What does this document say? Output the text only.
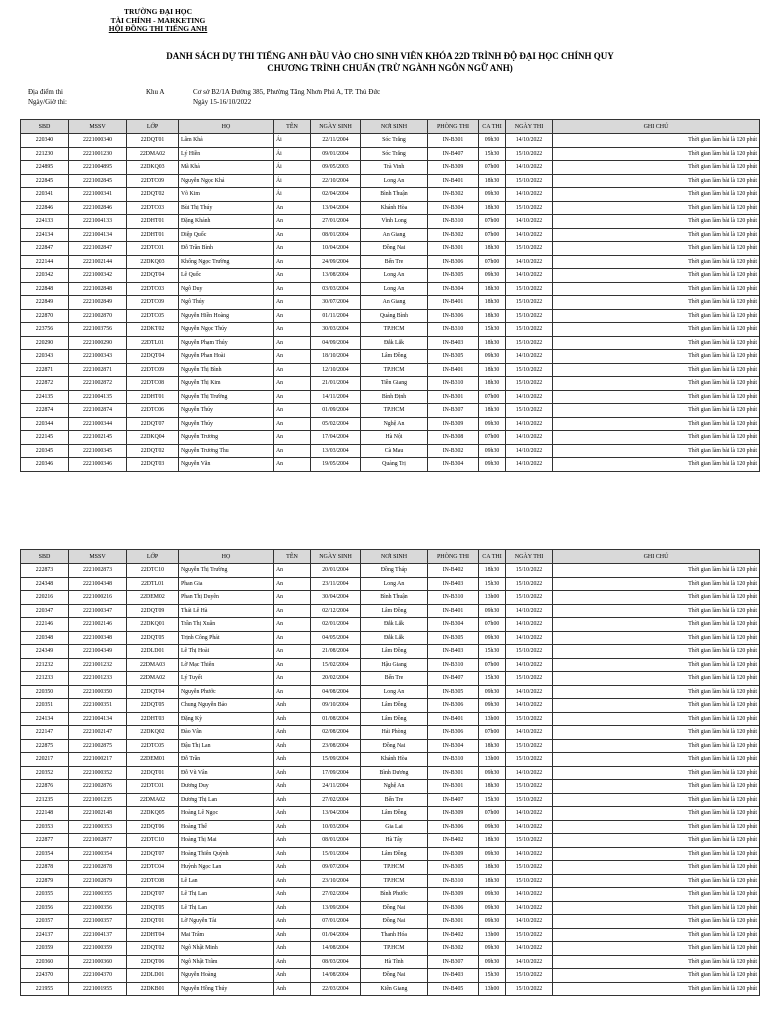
TRƯỜNG ĐẠI HỌC
TÀI CHÍNH - MARKETING
HỘI ĐỒNG THI TIẾNG ANH
DANH SÁCH DỰ THI TIẾNG ANH ĐẦU VÀO CHO SINH VIÊN KHÓA 22D TRÌNH ĐỘ ĐẠI HỌC CHÍNH QUY
CHƯƠNG TRÌNH CHUẨN (TRỪ NGÀNH NGÔN NGỮ ANH)
Địa điểm thi	Khu A	Cơ sở B2/1A Đường 385, Phường Tăng Nhơn Phú A, TP. Thủ Đức
Ngày/Giờ thi:	Ngày 15-16/10/2022
SBD	MSSV	LỚP	HỌ	TÊN	NGÀY SINH	NƠI SINH	PHÒNG THI	CA THI	NGÀY THI	GHI CHÚ
220340	2221000340	22DQT01	Lâm Khả	Ái	22/11/2004	Sóc Trăng	IN-B301	09h30	14/10/2022	Thời gian làm bài là 120 phút
221230	2221001230	22DMA02	Lý Hiền	Ái	09/01/2004	Sóc Trăng	IN-B407	15h30	15/10/2022	Thời gian làm bài là 120 phút
224895	2221004895	22DKQ03	Mã Khả	Ái	09/05/2003	Trà Vinh	IN-B309	07h00	14/10/2022	Thời gian làm bài là 120 phút
222845	2221002845	22DTC09	Nguyễn Ngọc Khả	Ái	22/10/2004	Long An	IN-B401	18h30	15/10/2022	Thời gian làm bài là 120 phút
220341	2221000341	22DQT02	Võ Kim	Ái	02/04/2004	Bình Thuận	IN-B302	09h30	14/10/2022	Thời gian làm bài là 120 phút
222846	2221002846	22DTC03	Bùi Thị Thúy	An	13/04/2004	Khánh Hòa	IN-B304	18h30	15/10/2022	Thời gian làm bài là 120 phút
224133	2221004133	22DHT01	Đặng Khánh	An	27/01/2004	Vĩnh Long	IN-B310	07h00	14/10/2022	Thời gian làm bài là 120 phút
224134	2221004134	22DHT01	Diệp Quốc	An	08/01/2004	An Giang	IN-B302	07h00	14/10/2022	Thời gian làm bài là 120 phút
222847	2221002847	22DTC01	Đỗ Trần Bình	An	10/04/2004	Đồng Nai	IN-B301	18h30	15/10/2022	Thời gian làm bài là 120 phút
222144	2221002144	22DKQ03	Khổng Ngọc Trường	An	24/09/2004	Bến Tre	IN-B306	07h00	14/10/2022	Thời gian làm bài là 120 phút
220342	2221000342	22DQT04	Lê Quốc	An	13/08/2004	Long An	IN-B305	09h30	14/10/2022	Thời gian làm bài là 120 phút
222848	2221002848	22DTC03	Ngô Duy	An	03/03/2004	Long An	IN-B304	18h30	15/10/2022	Thời gian làm bài là 120 phút
222849	2221002849	22DTC09	Ngô Thúy	An	30/07/2004	An Giang	IN-B401	18h30	15/10/2022	Thời gian làm bài là 120 phút
222870	2221002870	22DTC05	Nguyễn Hiền Hoàng	An	01/11/2004	Quảng Bình	IN-B306	18h30	15/10/2022	Thời gian làm bài là 120 phút
223756	2221003756	22DKT02	Nguyễn Ngọc Thúy	An	30/03/2004	TP.HCM	IN-B310	15h30	15/10/2022	Thời gian làm bài là 120 phút
220290	2221000290	22DTL01	Nguyễn Phạm Thúy	An	04/09/2004	Đắk Lắk	IN-B403	18h30	15/10/2022	Thời gian làm bài là 120 phút
220343	2221000343	22DQT04	Nguyễn Phan Hoài	An	18/10/2004	Lâm Đồng	IN-B305	09h30	14/10/2022	Thời gian làm bài là 120 phút
222871	2221002871	22DTC09	Nguyễn Thị Bình	An	12/10/2004	TP.HCM	IN-B401	18h30	15/10/2022	Thời gian làm bài là 120 phút
222872	2221002872	22DTC08	Nguyễn Thị Kim	An	21/01/2004	Tiền Giang	IN-B310	18h30	15/10/2022	Thời gian làm bài là 120 phút
224135	2221004135	22DHT01	Nguyễn Thị Trường	An	14/11/2004	Bình Định	IN-B301	07h00	14/10/2022	Thời gian làm bài là 120 phút
222874	2221002874	22DTC06	Nguyễn Thúy	An	01/09/2004	TP.HCM	IN-B307	18h30	15/10/2022	Thời gian làm bài là 120 phút
220344	2221000344	22DQT07	Nguyễn Thúy	An	05/02/2004	Nghệ An	IN-B309	09h30	14/10/2022	Thời gian làm bài là 120 phút
222145	2221002145	22DKQ04	Nguyễn Trương	An	17/04/2004	Hà Nội	IN-B308	07h00	14/10/2022	Thời gian làm bài là 120 phút
220345	2221000345	22DQT02	Nguyễn Trương Thu	An	13/03/2004	Cà Mau	IN-B302	09h30	14/10/2022	Thời gian làm bài là 120 phút
220346	2221000346	22DQT03	Nguyễn Văn	An	19/05/2004	Quảng Trị	IN-B304	09h30	14/10/2022	Thời gian làm bài là 120 phút
SBD	MSSV	LỚP	HỌ	TÊN	NGÀY SINH	NƠI SINH	PHÒNG THI	CA THI	NGÀY THI	GHI CHÚ
222873	2221002873	22DTC10	Nguyễn Thị Trường	An	20/01/2004	Đồng Tháp	IN-B402	18h30	15/10/2022	Thời gian làm bài là 120 phút
224348	2221004348	22DTL01	Phan Gia	An	23/11/2004	Long An	IN-B403	15h30	15/10/2022	Thời gian làm bài là 120 phút
220216	2221000216	22DEM02	Phan Thị Duyên	An	30/04/2004	Bình Thuận	IN-B310	13h00	15/10/2022	Thời gian làm bài là 120 phút
220347	2221000347	22DQT09	Thái Lê Hà	An	02/12/2004	Lâm Đồng	IN-B401	09h30	14/10/2022	Thời gian làm bài là 120 phút
222146	2221002146	22DKQ01	Trần Thị Xuân	An	02/01/2004	Đắk Lắk	IN-B304	07h00	14/10/2022	Thời gian làm bài là 120 phút
220348	2221000348	22DQT05	Trịnh Công Phát	An	04/05/2004	Đắk Lắk	IN-B305	09h30	14/10/2022	Thời gian làm bài là 120 phút
224349	2221004349	22DLD01	Lê Thị Hoài	An	21/08/2004	Lâm Đồng	IN-B403	15h30	15/10/2022	Thời gian làm bài là 120 phút
221232	2221001232	22DMA03	Lỡ Mạc Thiên	An	15/02/2004	Hậu Giang	IN-B310	07h00	14/10/2022	Thời gian làm bài là 120 phút
221233	2221001233	22DMA02	Lý Tuyết	An	20/02/2004	Bến Tre	IN-B407	15h30	15/10/2022	Thời gian làm bài là 120 phút
220350	2221000350	22DQT04	Nguyễn Phước	An	04/08/2004	Long An	IN-B305	09h30	14/10/2022	Thời gian làm bài là 120 phút
220351	2221000351	22DQT05	Chung Nguyễn Bảo	Anh	09/10/2004	Lâm Đồng	IN-B306	09h30	14/10/2022	Thời gian làm bài là 120 phút
224134	2221004134	22DHT03	Đặng Kỳ	Anh	01/08/2004	Lâm Đồng	IN-B401	13h00	15/10/2022	Thời gian làm bài là 120 phút
222147	2221002147	22DKQ02	Đào Vân	Anh	02/08/2004	Hải Phòng	IN-B306	07h00	14/10/2022	Thời gian làm bài là 120 phút
222875	2221002875	22DTC05	Đậu Thị Lan	Anh	23/08/2004	Đồng Nai	IN-B304	18h30	15/10/2022	Thời gian làm bài là 120 phút
220217	2221000217	22DEM01	Đỗ Trần	Anh	15/09/2004	Khánh Hòa	IN-B310	13h00	15/10/2022	Thời gian làm bài là 120 phút
220352	2221000352	22DQT01	Đỗ Vũ Vân	Anh	17/09/2004	Bình Dương	IN-B301	09h30	14/10/2022	Thời gian làm bài là 120 phút
222876	2221002876	22DTC01	Dương Duy	Anh	24/11/2004	Nghệ An	IN-B301	18h30	15/10/2022	Thời gian làm bài là 120 phút
221235	2221001235	22DMA02	Dương Thị Lan	Anh	27/02/2004	Bến Tre	IN-B407	15h30	15/10/2022	Thời gian làm bài là 120 phút
222148	2221002148	22DKQ05	Hoàng Lê Ngọc	Anh	13/04/2004	Lâm Đồng	IN-B309	07h00	14/10/2022	Thời gian làm bài là 120 phút
220353	2221000353	22DQT06	Hoàng Thế	Anh	10/03/2004	Gia Lai	IN-B306	09h30	14/10/2022	Thời gian làm bài là 120 phút
222877	2221002877	22DTC10	Hoàng Thị Mai	Anh	08/01/2004	Hà Tây	IN-B402	18h30	15/10/2022	Thời gian làm bài là 120 phút
220354	2221000354	22DQT07	Hoàng Thiên Quỳnh	Anh	15/01/2004	Lâm Đồng	IN-B309	09h30	14/10/2022	Thời gian làm bài là 120 phút
222878	2221002878	22DTC04	Huỳnh Ngọc Lan	Anh	09/07/2004	TP.HCM	IN-B305	18h30	15/10/2022	Thời gian làm bài là 120 phút
222879	2221002879	22DTC08	Lê Lan	Anh	23/10/2004	TP.HCM	IN-B310	18h30	15/10/2022	Thời gian làm bài là 120 phút
220355	2221000355	22DQT07	Lê Thị Lan	Anh	27/02/2004	Bình Phước	IN-B309	09h30	14/10/2022	Thời gian làm bài là 120 phút
220356	2221000356	22DQT05	Lê Thị Lan	Anh	13/09/2004	Đồng Nai	IN-B306	09h30	14/10/2022	Thời gian làm bài là 120 phút
220357	2221000357	22DQT01	Lỡ Nguyễn Tài	Anh	07/01/2004	Đồng Nai	IN-B301	09h30	14/10/2022	Thời gian làm bài là 120 phút
224137	2221004137	22DHT04	Mai Trâm	Anh	01/04/2004	Thanh Hóa	IN-B402	13h00	15/10/2022	Thời gian làm bài là 120 phút
220359	2221000359	22DQT02	Ngô Nhật Minh	Anh	14/08/2004	TP.HCM	IN-B302	09h30	14/10/2022	Thời gian làm bài là 120 phút
220360	2221000360	22DQT06	Ngô Nhật Trâm	Anh	08/03/2004	Hà Tĩnh	IN-B307	09h30	14/10/2022	Thời gian làm bài là 120 phút
224370	2221004370	22DLD01	Nguyễn Hoàng	Anh	14/08/2004	Đồng Nai	IN-B403	15h30	15/10/2022	Thời gian làm bài là 120 phút
221955	2221001955	22DKB01	Nguyễn Hồng Thúy	Anh	22/03/2004	Kiên Giang	IN-B405	13h00	15/10/2022	Thời gian làm bài là 120 phút
